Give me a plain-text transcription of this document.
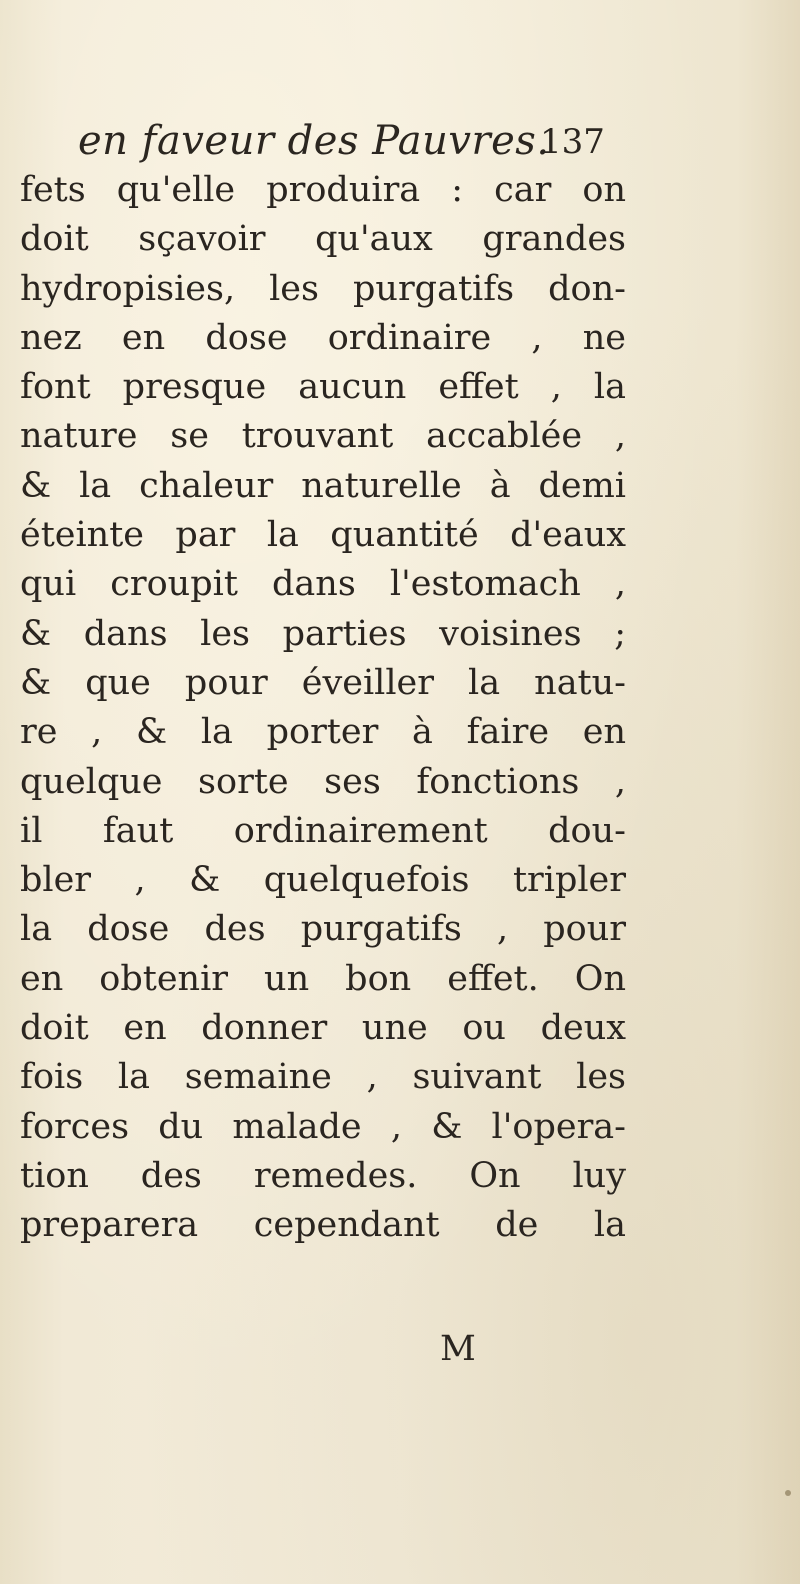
en faveur des Pauvres.
137
fets qu'elle produira : car on
doit sçavoir qu'aux grandes
hydropisies, les purgatifs don-
nez en dose ordinaire , ne
font presque aucun effet , la
nature se trouvant accablée ,
& la chaleur naturelle à demi
éteinte par la quantité d'eaux
qui croupit dans l'estomach ,
& dans les parties voisines ;
& que pour éveiller la natu-
re , & la porter à faire en
quelque sorte ses fonctions ,
il faut ordinairement dou-
bler , & quelquefois tripler
la dose des purgatifs , pour
en obtenir un bon effet. On
doit en donner une ou deux
fois la semaine , suivant les
forces du malade , & l'opera-
tion des remedes. On luy
preparera cependant de la
M
